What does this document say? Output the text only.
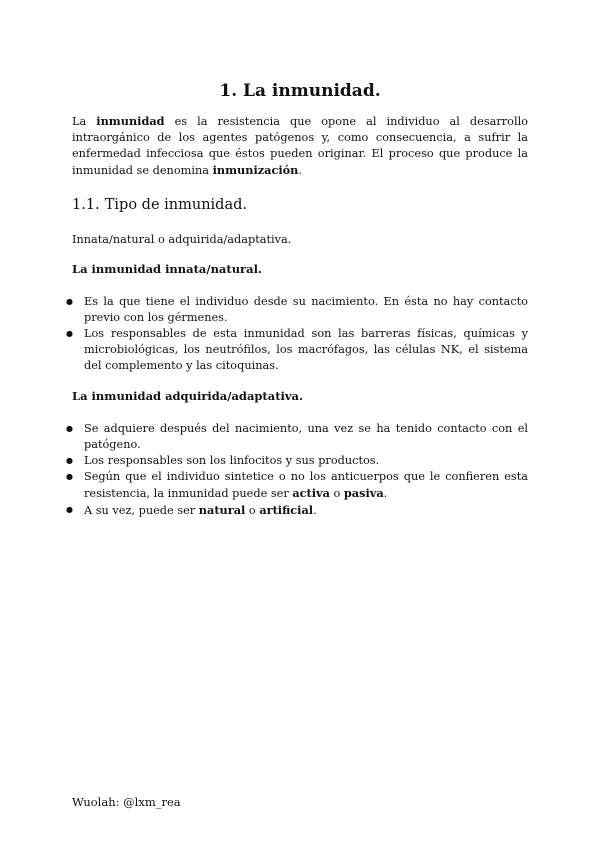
1. La inmunidad.

La inmunidad es la resistencia que opone al individuo al desarrollo intraorgánico de los agentes patógenos y, como consecuencia, a sufrir la enfermedad infecciosa que éstos pueden originar. El proceso que produce la inmunidad se denomina inmunización.

1.1. Tipo de inmunidad.

Innata/natural o adquirida/adaptativa.

La inmunidad innata/natural.

● Es la que tiene el individuo desde su nacimiento. En ésta no hay contacto previo con los gérmenes.
● Los responsables de esta inmunidad son las barreras físicas, químicas y microbiológicas, los neutrófilos, los macrófagos, las células NK, el sistema del complemento y las citoquinas.

La inmunidad adquirida/adaptativa.

● Se adquiere después del nacimiento, una vez se ha tenido contacto con el patógeno.
● Los responsables son los linfocitos y sus productos.
● Según que el individuo sintetice o no los anticuerpos que le confieren esta resistencia, la inmunidad puede ser activa o pasiva.
● A su vez, puede ser natural o artificial.
Wuolah: @lxm_rea
